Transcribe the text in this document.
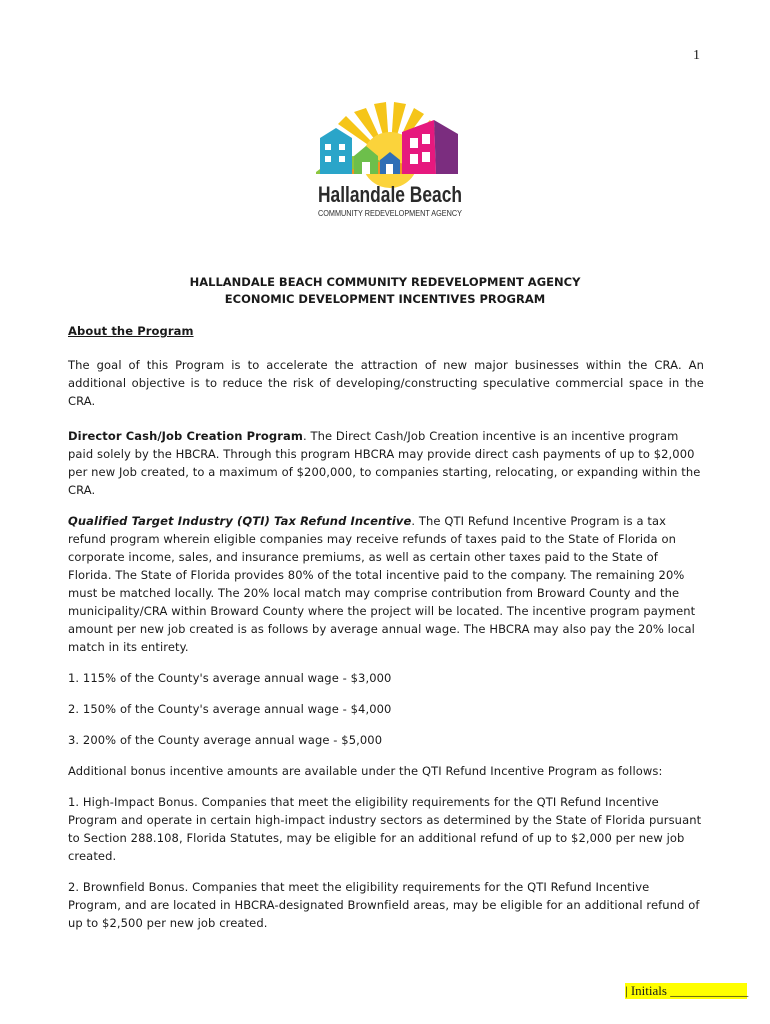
1
Hallandale Beach
COMMUNITY REDEVELOPMENT AGENCY
HALLANDALE BEACH COMMUNITY REDEVELOPMENT AGENCY
ECONOMIC DEVELOPMENT INCENTIVES PROGRAM
About the Program

The goal of this Program is to accelerate the attraction of new major businesses within the CRA. An additional objective is to reduce the risk of developing/constructing speculative commercial space in the CRA.

Director Cash/Job Creation Program. The Direct Cash/Job Creation incentive is an incentive program paid solely by the HBCRA. Through this program HBCRA may provide direct cash payments of up to $2,000 per new Job created, to a maximum of $200,000, to companies starting, relocating, or expanding within the CRA.

Qualified Target Industry (QTI) Tax Refund Incentive. The QTI Refund Incentive Program is a tax refund program wherein eligible companies may receive refunds of taxes paid to the State of Florida on corporate income, sales, and insurance premiums, as well as certain other taxes paid to the State of Florida. The State of Florida provides 80% of the total incentive paid to the company. The remaining 20% must be matched locally. The 20% local match may comprise contribution from Broward County and the municipality/CRA within Broward County where the project will be located. The incentive program payment amount per new job created is as follows by average annual wage. The HBCRA may also pay the 20% local match in its entirety.

1. 115% of the County's average annual wage - $3,000

2. 150% of the County's average annual wage - $4,000

3. 200% of the County average annual wage - $5,000

Additional bonus incentive amounts are available under the QTI Refund Incentive Program as follows:

1. High-Impact Bonus. Companies that meet the eligibility requirements for the QTI Refund Incentive Program and operate in certain high-impact industry sectors as determined by the State of Florida pursuant to Section 288.108, Florida Statutes, may be eligible for an additional refund of up to $2,000 per new job created.

2. Brownfield Bonus. Companies that meet the eligibility requirements for the QTI Refund Incentive Program, and are located in HBCRA-designated Brownfield areas, may be eligible for an additional refund of up to $2,500 per new job created.

| Initials ____________
